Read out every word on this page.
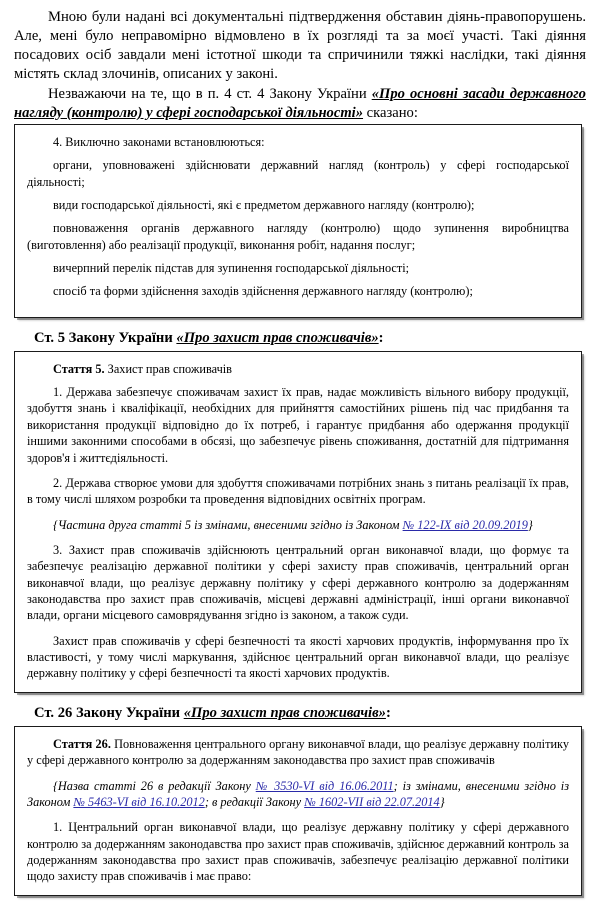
Мною були надані всі документальні підтвердження обставин діянь-правопорушень. Але, мені було неправомірно відмовлено в їх розгляді та за моєї участі. Такі діяння посадових осіб завдали мені істотної шкоди та спричинили тяжкі наслідки, такі діяння містять склад злочинів, описаних у законі.

Незважаючи на те, що в п. 4 ст. 4 Закону України «Про основні засади державного нагляду (контролю) у сфері господарської діяльності» сказано:

4. Виключно законами встановлюються:

органи, уповноважені здійснювати державний нагляд (контроль) у сфері господарської діяльності;

види господарської діяльності, які є предметом державного нагляду (контролю);

повноваження органів державного нагляду (контролю) щодо зупинення виробництва (виготовлення) або реалізації продукції, виконання робіт, надання послуг;

вичерпний перелік підстав для зупинення господарської діяльності;

спосіб та форми здійснення заходів здійснення державного нагляду (контролю);

Ст. 5 Закону України «Про захист прав споживачів»:

Стаття 5. Захист прав споживачів

1. Держава забезпечує споживачам захист їх прав, надає можливість вільного вибору продукції, здобуття знань і кваліфікації, необхідних для прийняття самостійних рішень під час придбання та використання продукції відповідно до їх потреб, і гарантує придбання або одержання продукції іншими законними способами в обсязі, що забезпечує рівень споживання, достатній для підтримання здоров'я і життєдіяльності.

2. Держава створює умови для здобуття споживачами потрібних знань з питань реалізації їх прав, в тому числі шляхом розробки та проведення відповідних освітніх програм.

{Частина друга статті 5 із змінами, внесеними згідно із Законом № 122-IX від 20.09.2019}

3. Захист прав споживачів здійснюють центральний орган виконавчої влади, що формує та забезпечує реалізацію державної політики у сфері захисту прав споживачів, центральний орган виконавчої влади, що реалізує державну політику у сфері державного контролю за додержанням законодавства про захист прав споживачів, місцеві державні адміністрації, інші органи виконавчої влади, органи місцевого самоврядування згідно із законом, а також суди.

Захист прав споживачів у сфері безпечності та якості харчових продуктів, інформування про їх властивості, у тому числі маркування, здійснює центральний орган виконавчої влади, що реалізує державну політику у сфері безпечності та якості харчових продуктів.

Ст. 26 Закону України «Про захист прав споживачів»:

Стаття 26. Повноваження центрального органу виконавчої влади, що реалізує державну політику у сфері державного контролю за додержанням законодавства про захист прав споживачів

{Назва статті 26 в редакції Закону № 3530-VI від 16.06.2011; із змінами, внесеними згідно із Законом № 5463-VI від 16.10.2012; в редакції Закону № 1602-VII від 22.07.2014}

1. Центральний орган виконавчої влади, що реалізує державну політику у сфері державного контролю за додержанням законодавства про захист прав споживачів, здійснює державний контроль за додержанням законодавства про захист прав споживачів, забезпечує реалізацію державної політики щодо захисту прав споживачів і має право:
